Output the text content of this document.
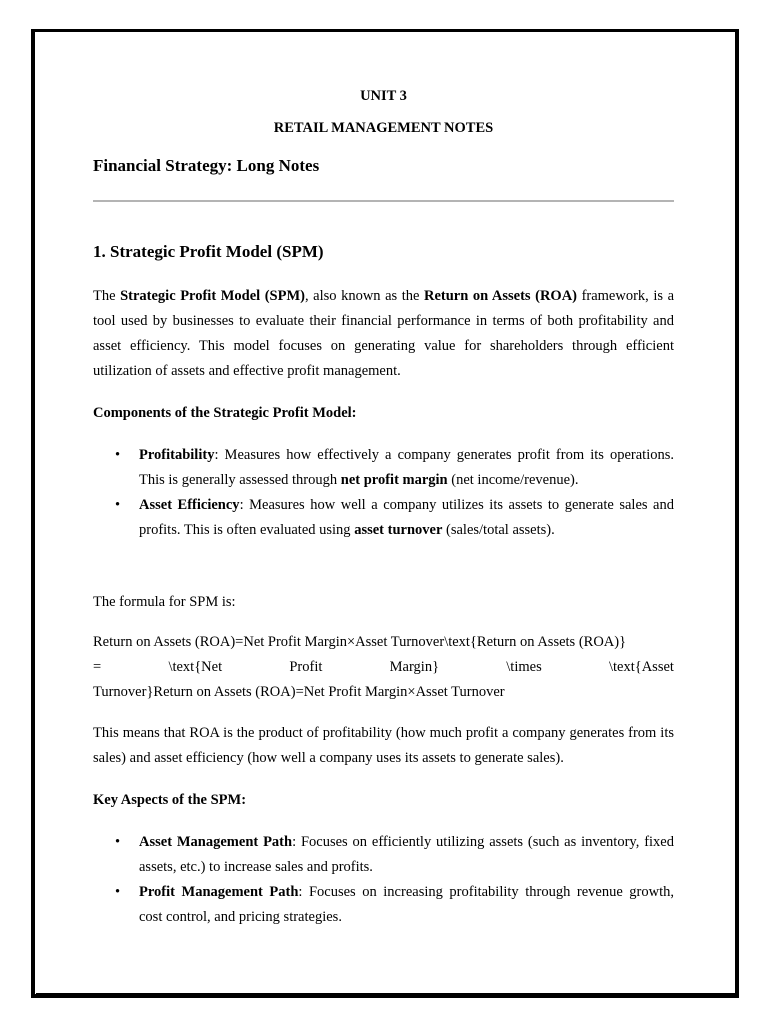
UNIT 3
RETAIL MANAGEMENT NOTES
Financial Strategy: Long Notes
1. Strategic Profit Model (SPM)

The Strategic Profit Model (SPM), also known as the Return on Assets (ROA) framework, is a tool used by businesses to evaluate their financial performance in terms of both profitability and asset efficiency. This model focuses on generating value for shareholders through efficient utilization of assets and effective profit management.

Components of the Strategic Profit Model:
• Profitability: Measures how effectively a company generates profit from its operations. This is generally assessed through net profit margin (net income/revenue).
• Asset Efficiency: Measures how well a company utilizes its assets to generate sales and profits. This is often evaluated using asset turnover (sales/total assets).

The formula for SPM is:

Return on Assets (ROA)=Net Profit Margin×Asset Turnover\text{Return on Assets (ROA)}
=	\text{Net	Profit	Margin}	\times	\text{Asset
Turnover}Return on Assets (ROA)=Net Profit Margin×Asset Turnover

This means that ROA is the product of profitability (how much profit a company generates from its sales) and asset efficiency (how well a company uses its assets to generate sales).

Key Aspects of the SPM:
• Asset Management Path: Focuses on efficiently utilizing assets (such as inventory, fixed assets, etc.) to increase sales and profits.
• Profit Management Path: Focuses on increasing profitability through revenue growth, cost control, and pricing strategies.
